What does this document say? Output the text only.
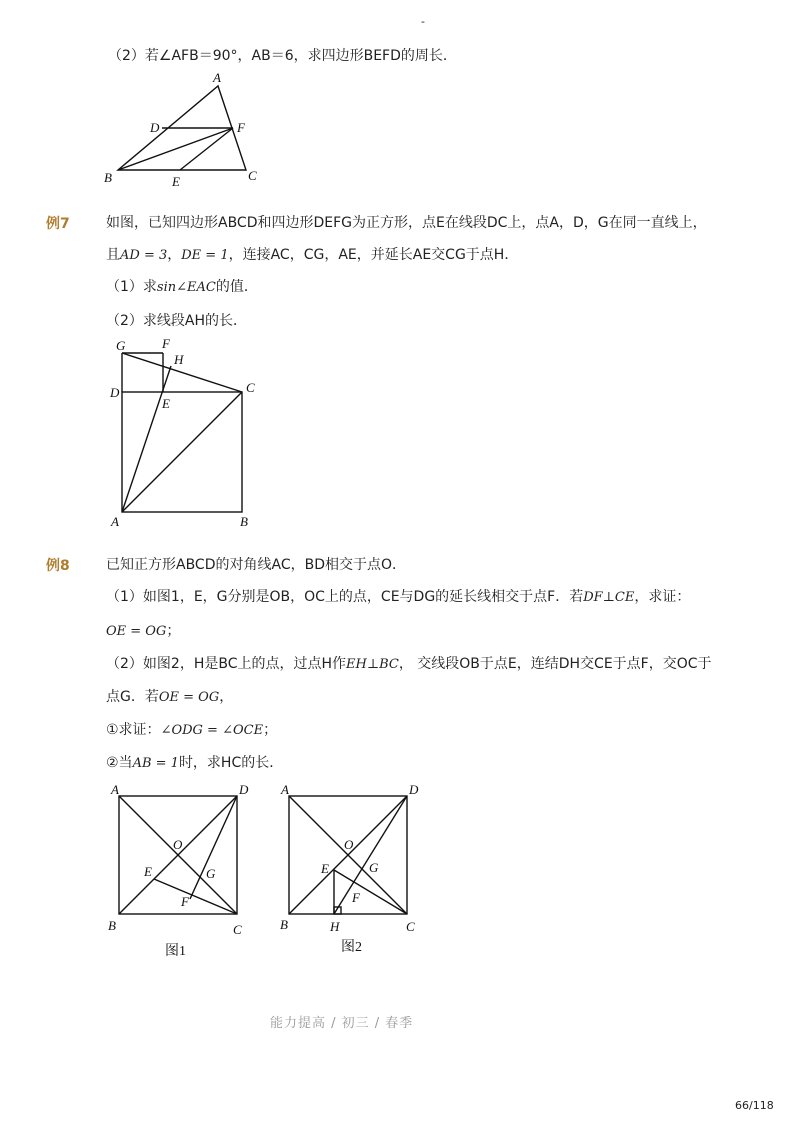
-
（2）若∠AFB＝90°，AB＝6，求四边形BEFD的周长．
A
D	F
B	E	C
例7	如图，已知四边形ABCD和四边形DEFG为正方形，点E在线段DC上，点A，D，G在同一直线上，
且AD = 3，DE = 1，连接AC，CG，AE，并延长AE交CG于点H．
（1）求sin∠EAC的值．
（2）求线段AH的长．
G	F
H
D
E
C
A	B
例8	已知正方形ABCD的对角线AC，BD相交于点O．
（1）如图1，E，G分别是OB，OC上的点，CE与DG的延长线相交于点F．若DF⊥CE，求证：
OE = OG；
（2）如图2，H是BC上的点，过点H作EH⊥BC， 交线段OB于点E，连结DH交CE于点F，交OC于
点G．若OE = OG，
①求证：∠ODG = ∠OCE；
②当AB = 1时，求HC的长．
A	D
O
E	G
F
B	C
图1
A	D
O
E	G
F
B	H	C
图2
能力提高 / 初三 / 春季
66/118
